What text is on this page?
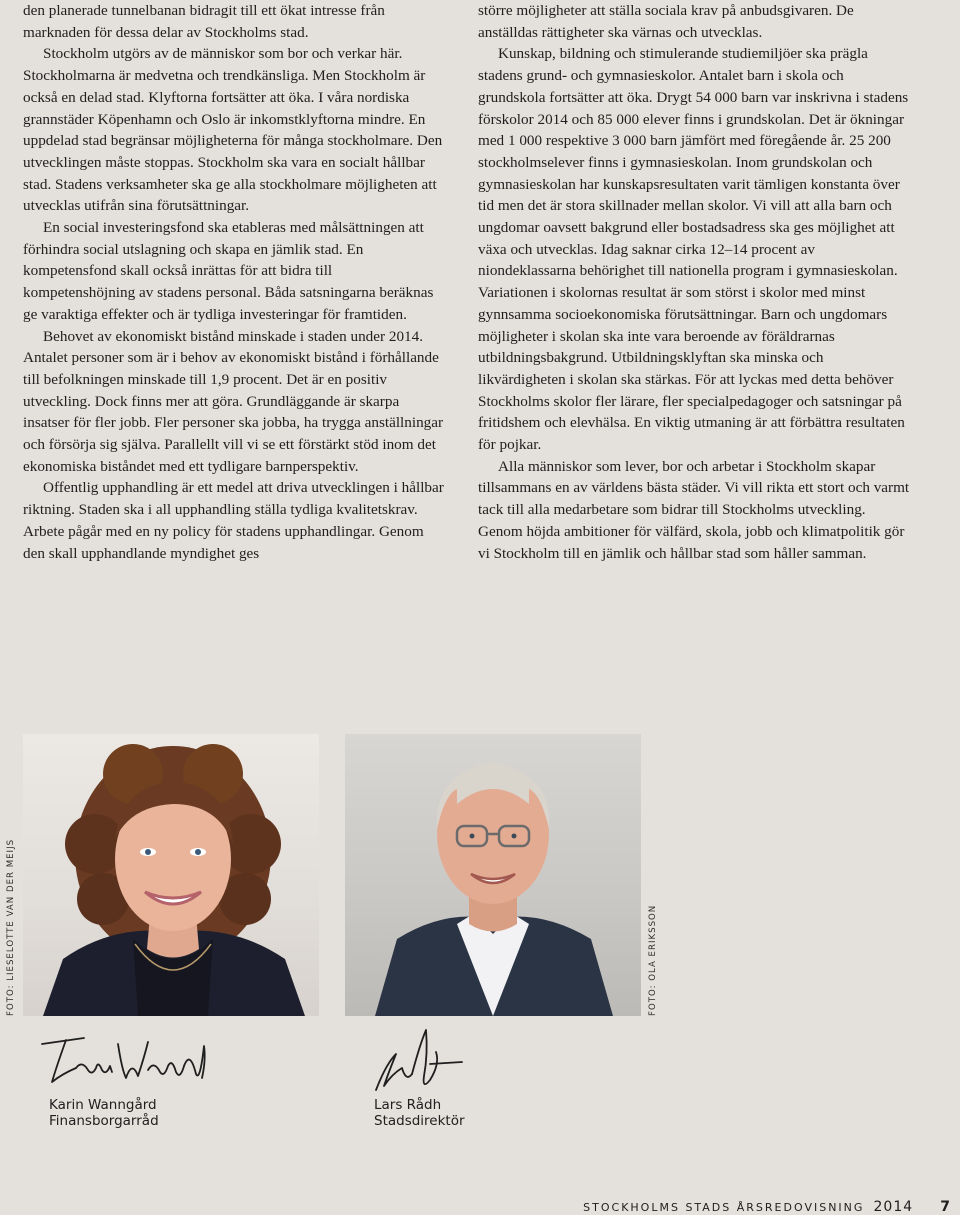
den planerade tunnelbanan bidragit till ett ökat intresse från marknaden för dessa delar av Stockholms stad.

Stockholm utgörs av de människor som bor och verkar här. Stockholmarna är medvetna och trendkänsliga. Men Stockholm är också en delad stad. Klyftorna fortsätter att öka. I våra nordiska grannstäder Köpenhamn och Oslo är inkomstklyftorna mindre. En uppdelad stad begränsar möjligheterna för många stockholmare. Den utvecklingen måste stoppas. Stockholm ska vara en socialt hållbar stad. Stadens verksamheter ska ge alla stockholmare möjligheten att utvecklas utifrån sina förutsättningar.

En social investeringsfond ska etableras med målsättningen att förhindra social utslagning och skapa en jämlik stad. En kompetensfond skall också inrättas för att bidra till kompetenshöjning av stadens personal. Båda satsningarna beräknas ge varaktiga effekter och är tydliga investeringar för framtiden.

Behovet av ekonomiskt bistånd minskade i staden under 2014. Antalet personer som är i behov av ekonomiskt bistånd i förhållande till befolkningen minskade till 1,9 procent. Det är en positiv utveckling. Dock finns mer att göra. Grundläggande är skarpa insatser för fler jobb. Fler personer ska jobba, ha trygga anställningar och försörja sig själva. Parallellt vill vi se ett förstärkt stöd inom det ekonomiska biståndet med ett tydligare barnperspektiv.

Offentlig upphandling är ett medel att driva utvecklingen i hållbar riktning. Staden ska i all upphandling ställa tydliga kvalitetskrav. Arbete pågår med en ny policy för stadens upphandlingar. Genom den skall upphandlande myndighet ges

större möjligheter att ställa sociala krav på anbudsgivaren. De anställdas rättigheter ska värnas och utvecklas.

Kunskap, bildning och stimulerande studiemiljöer ska prägla stadens grund- och gymnasieskolor. Antalet barn i skola och grundskola fortsätter att öka. Drygt 54 000 barn var inskrivna i stadens förskolor 2014 och 85 000 elever finns i grundskolan. Det är ökningar med 1 000 respektive 3 000 barn jämfört med föregående år. 25 200 stockholmselever finns i gymnasieskolan. Inom grundskolan och gymnasieskolan har kunskapsresultaten varit tämligen konstanta över tid men det är stora skillnader mellan skolor. Vi vill att alla barn och ungdomar oavsett bakgrund eller bostadsadress ska ges möjlighet att växa och utvecklas. Idag saknar cirka 12–14 procent av niondeklassarna behörighet till nationella program i gymnasieskolan. Variationen i skolornas resultat är som störst i skolor med minst gynnsamma socioekonomiska förutsättningar. Barn och ungdomars möjligheter i skolan ska inte vara beroende av föräldrarnas utbildningsbakgrund. Utbildningsklyftan ska minska och likvärdigheten i skolan ska stärkas. För att lyckas med detta behöver Stockholms skolor fler lärare, fler specialpedagoger och satsningar på fritidshem och elevhälsa. En viktig utmaning är att förbättra resultaten för pojkar.

Alla människor som lever, bor och arbetar i Stockholm skapar tillsammans en av världens bästa städer. Vi vill rikta ett stort och varmt tack till alla medarbetare som bidrar till Stockholms utveckling. Genom höjda ambitioner för välfärd, skola, jobb och klimatpolitik gör vi Stockholm till en jämlik och hållbar stad som håller samman.

FOTO: LIESELOTTE VAN DER MEIJS	FOTO: OLA ERIKSSON
Karin Wanngård
Finansborgarråd
Lars Rådh
Stadsdirektör
STOCKHOLMS STADS ÅRSREDOVISNING 2014 7
